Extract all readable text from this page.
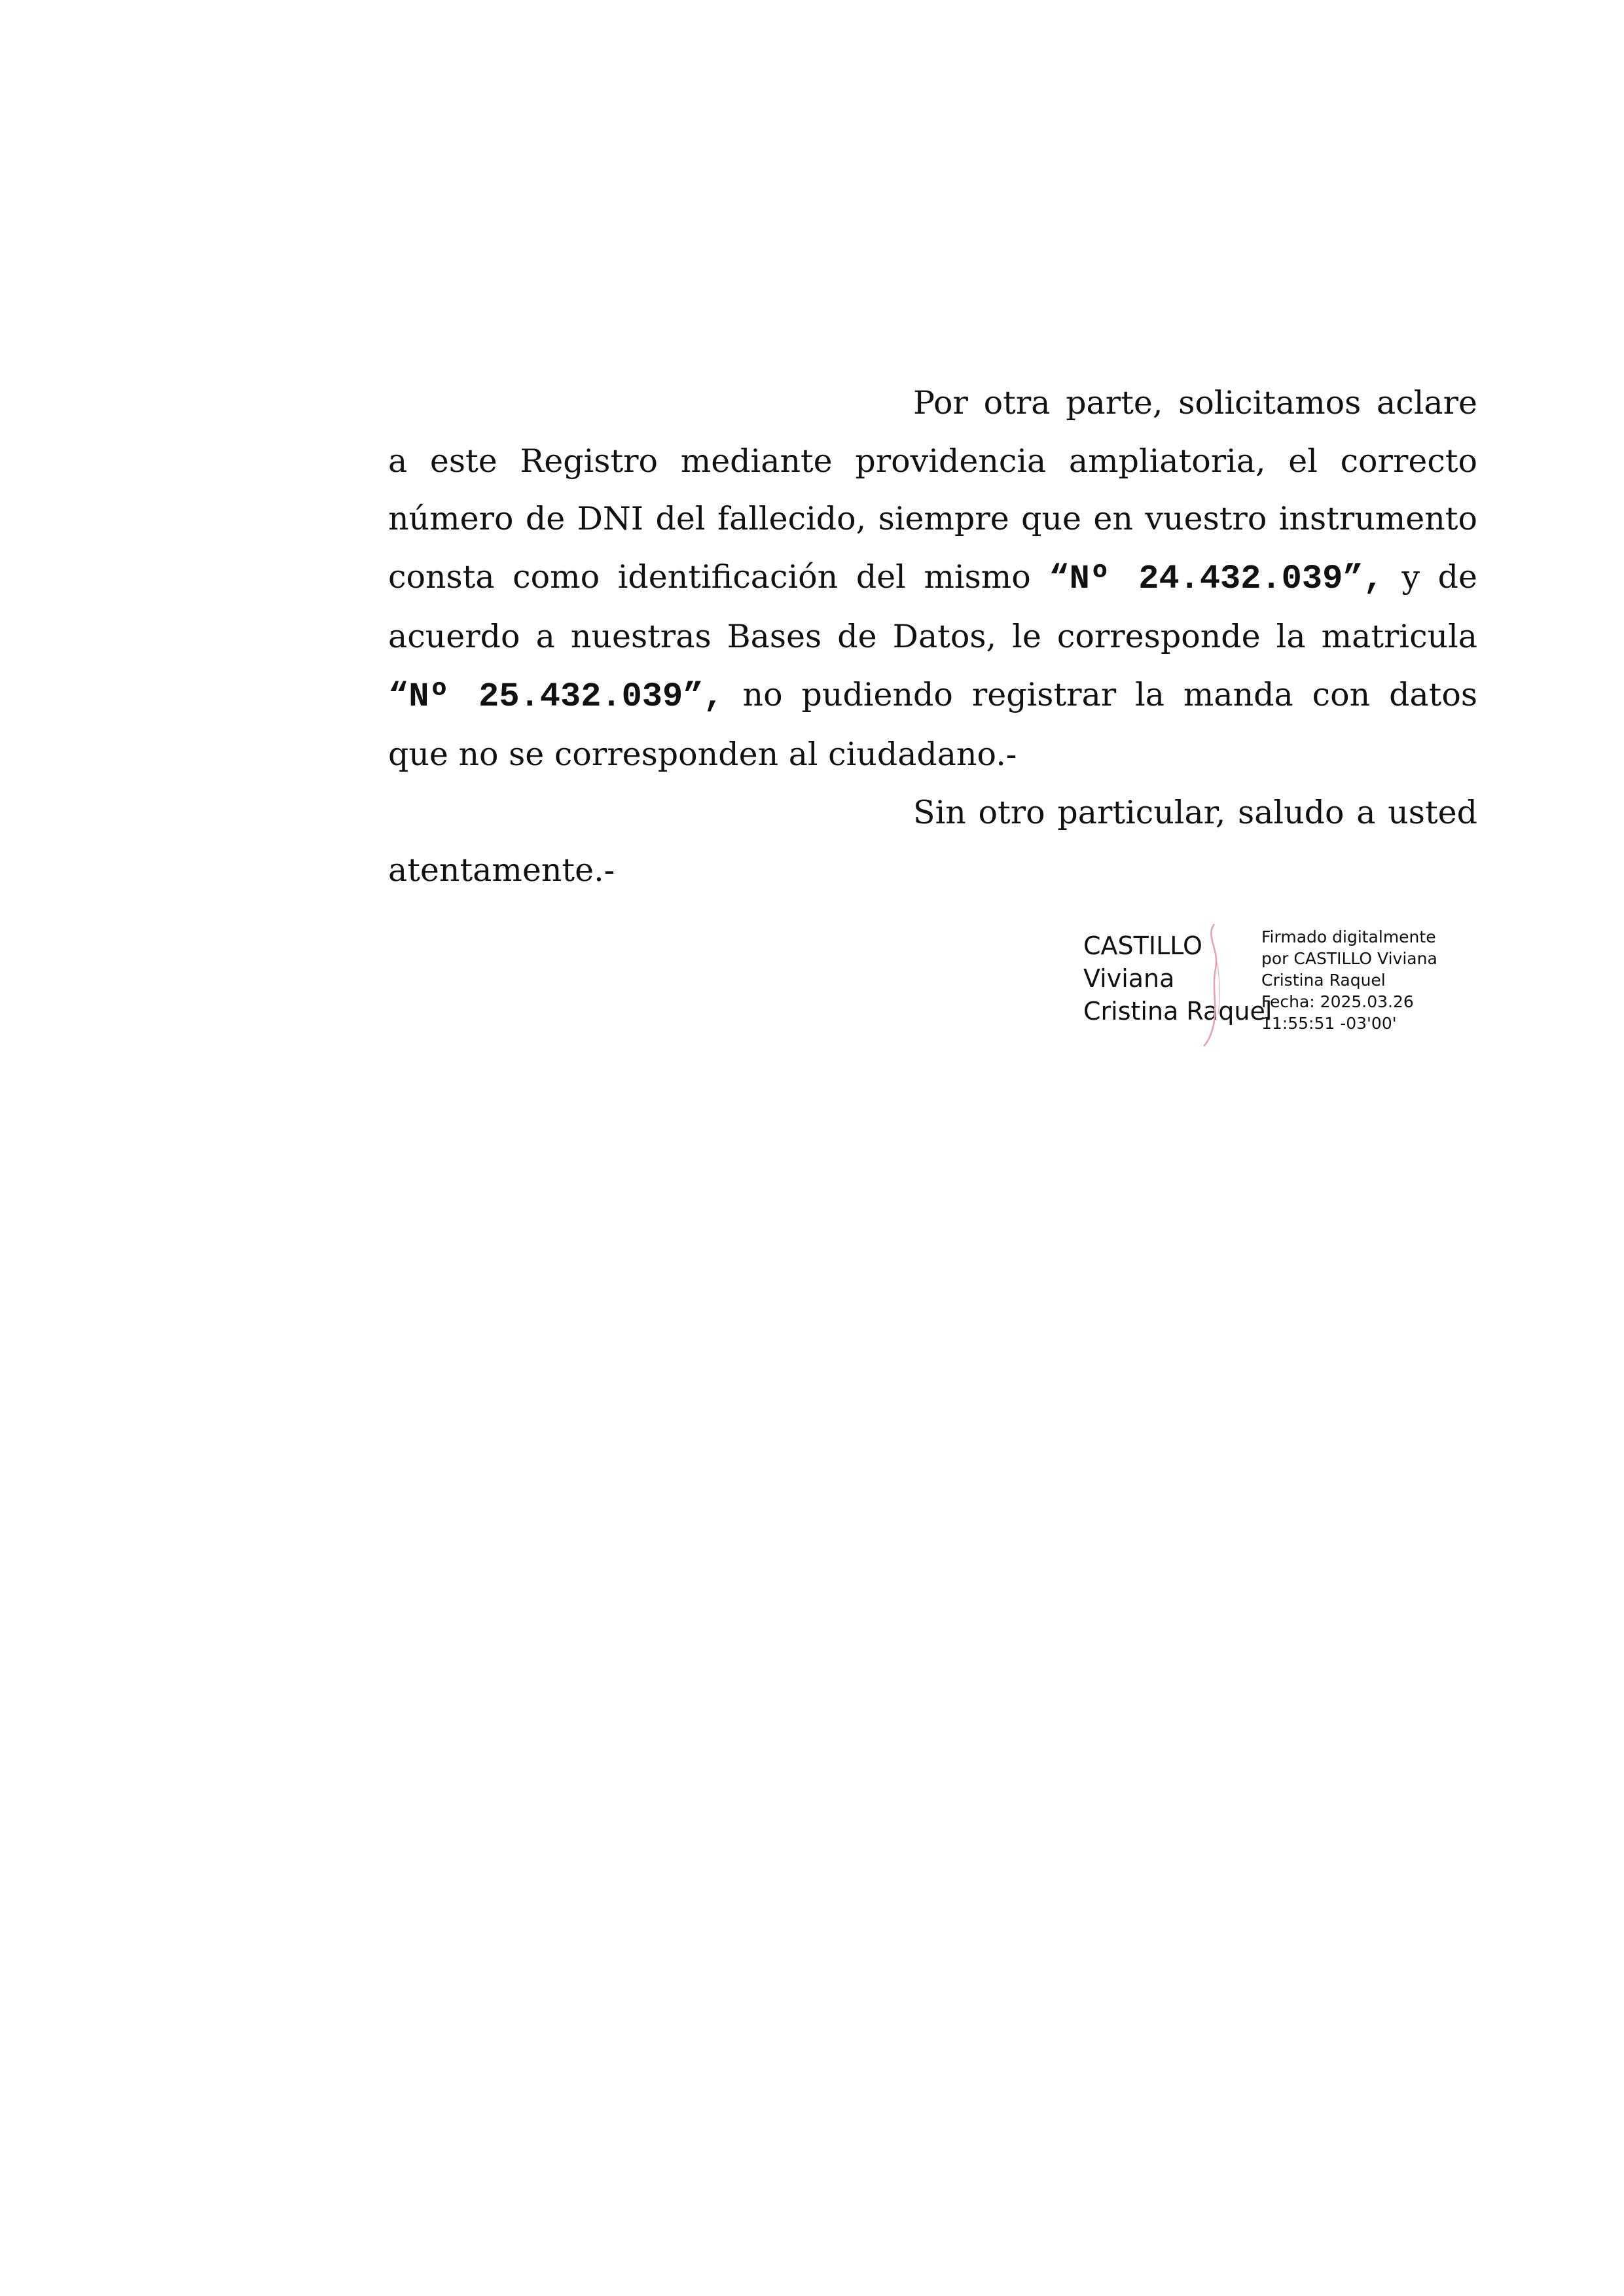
Por otra parte, solicitamos aclare a este Registro mediante providencia ampliatoria, el correcto número de DNI del fallecido, siempre que en vuestro instrumento consta como identificación del mismo “Nº 24.432.039”, y de acuerdo a nuestras Bases de Datos, le corresponde la matricula “Nº 25.432.039”, no pudiendo registrar la manda con datos que no se corresponden al ciudadano.-

Sin otro particular, saludo a usted atentamente.-

CASTILLO
Viviana
Cristina Raquel
Firmado digitalmente
por CASTILLO Viviana
Cristina Raquel
Fecha: 2025.03.26
11:55:51 -03'00'
